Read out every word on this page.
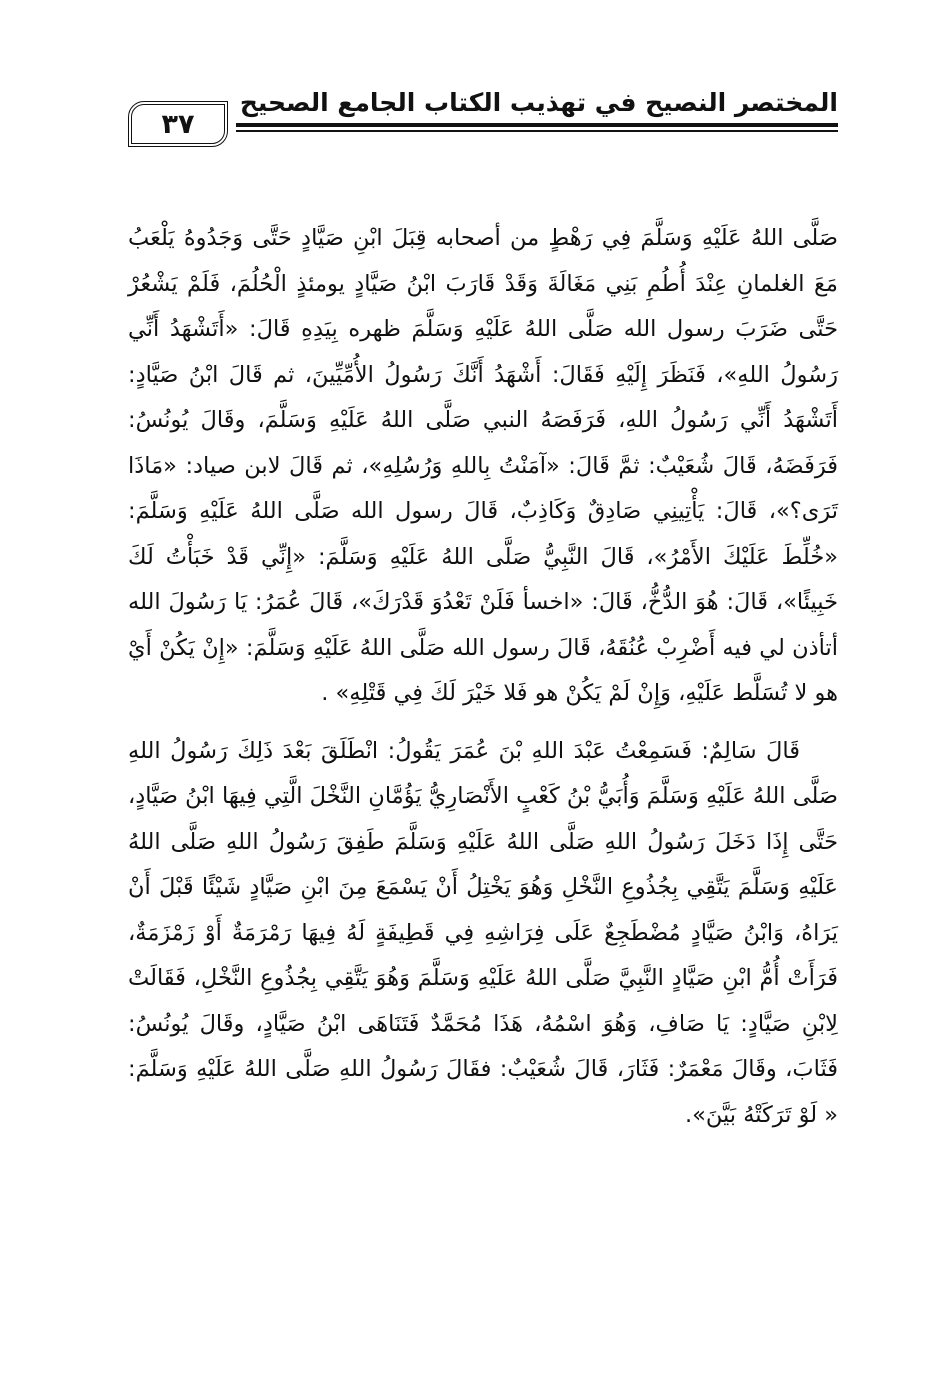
المختصر النصيح في تهذيب الكتاب الجامع الصحيح
٣٧

صَلَّى اللهُ عَلَيْهِ وَسَلَّمَ فِي رَهْطٍ من أصحابه قِبَلَ ابْنِ صَيَّادٍ حَتَّى وَجَدُوهُ يَلْعَبُ مَعَ الغلمانِ عِنْدَ أُطُمِ بَنِي مَغَالَةَ وَقَدْ قَارَبَ ابْنُ صَيَّادٍ يومئذٍ الْحُلُمَ، فَلَمْ يَشْعُرْ حَتَّى ضَرَبَ رسول الله صَلَّى اللهُ عَلَيْهِ وَسَلَّمَ ظهره بِيَدِهِ قَالَ: «أَتَشْهَدُ أَنِّي رَسُولُ اللهِ»، فَنَظَرَ إِلَيْهِ فَقَالَ: أَشْهَدُ أَنَّكَ رَسُولُ الأُمِّيِّينَ، ثم قَالَ ابْنُ صَيَّادٍ: أَتَشْهَدُ أَنِّي رَسُولُ اللهِ، فَرَفَصَهُ النبي صَلَّى اللهُ عَلَيْهِ وَسَلَّمَ، وقَالَ يُونُسُ: فَرَفَضَهُ، قَالَ شُعَيْبٌ: ثمَّ قَالَ: «آمَنْتُ بِاللهِ وَرُسُلِهِ»، ثم قَالَ لابن صياد: «مَاذَا تَرَى؟»، قَالَ: يَأْتِينِي صَادِقٌ وَكَاذِبٌ، قَالَ رسول الله صَلَّى اللهُ عَلَيْهِ وَسَلَّمَ: «خُلِّطَ عَلَيْكَ الأَمْرُ»، قَالَ النَّبِيُّ صَلَّى اللهُ عَلَيْهِ وَسَلَّمَ: «إِنِّي قَدْ خَبَأْتُ لَكَ خَبِيئًا»، قَالَ: هُوَ الدُّخُّ، قَالَ: «اخسأ فَلَنْ تَعْدُوَ قَدْرَكَ»، قَالَ عُمَرُ: يَا رَسُولَ الله أتأذن لي فيه أَضْرِبْ عُنُقَهُ، قَالَ رسول الله صَلَّى اللهُ عَلَيْهِ وَسَلَّمَ: «إِنْ يَكُنْ أَيْ هو لا تُسَلَّط عَلَيْهِ، وَإِنْ لَمْ يَكُنْ هو فَلا خَيْرَ لَكَ فِي قَتْلِهِ» .

قَالَ سَالِمٌ: فَسَمِعْتُ عَبْدَ اللهِ بْنَ عُمَرَ يَقُولُ: انْطَلَقَ بَعْدَ ذَلِكَ رَسُولُ اللهِ صَلَّى اللهُ عَلَيْهِ وَسَلَّمَ وَأُبَيُّ بْنُ كَعْبٍ الأَنْصَارِيُّ يَؤُمَّانِ النَّخْلَ الَّتِي فِيهَا ابْنُ صَيَّادٍ، حَتَّى إِذَا دَخَلَ رَسُولُ اللهِ صَلَّى اللهُ عَلَيْهِ وَسَلَّمَ طَفِقَ رَسُولُ اللهِ صَلَّى اللهُ عَلَيْهِ وَسَلَّمَ يَتَّقِي بِجُذُوعِ النَّخْلِ وَهُوَ يَخْتِلُ أَنْ يَسْمَعَ مِنَ ابْنِ صَيَّادٍ شَيْئًا قَبْلَ أَنْ يَرَاهُ، وَابْنُ صَيَّادٍ مُضْطَجِعٌ عَلَى فِرَاشِهِ فِي قَطِيفَةٍ لَهُ فِيهَا رَمْرَمَةٌ أَوْ زَمْزَمَةٌ، فَرَأَتْ أُمُّ ابْنِ صَيَّادٍ النَّبِيَّ صَلَّى اللهُ عَلَيْهِ وَسَلَّمَ وَهُوَ يَتَّقِي بِجُذُوعِ النَّخْلِ، فَقَالَتْ لِابْنِ صَيَّادٍ: يَا صَافِ، وَهُوَ اسْمُهُ، هَذَا مُحَمَّدٌ فَتَنَاهَى ابْنُ صَيَّادٍ، وقَالَ يُونُسُ: فَثَابَ، وقَالَ مَعْمَرٌ: فَثَارَ، قَالَ شُعَيْبٌ: فقَالَ رَسُولُ اللهِ صَلَّى اللهُ عَلَيْهِ وَسَلَّمَ: « لَوْ تَرَكَتْهُ بَيَّنَ».
